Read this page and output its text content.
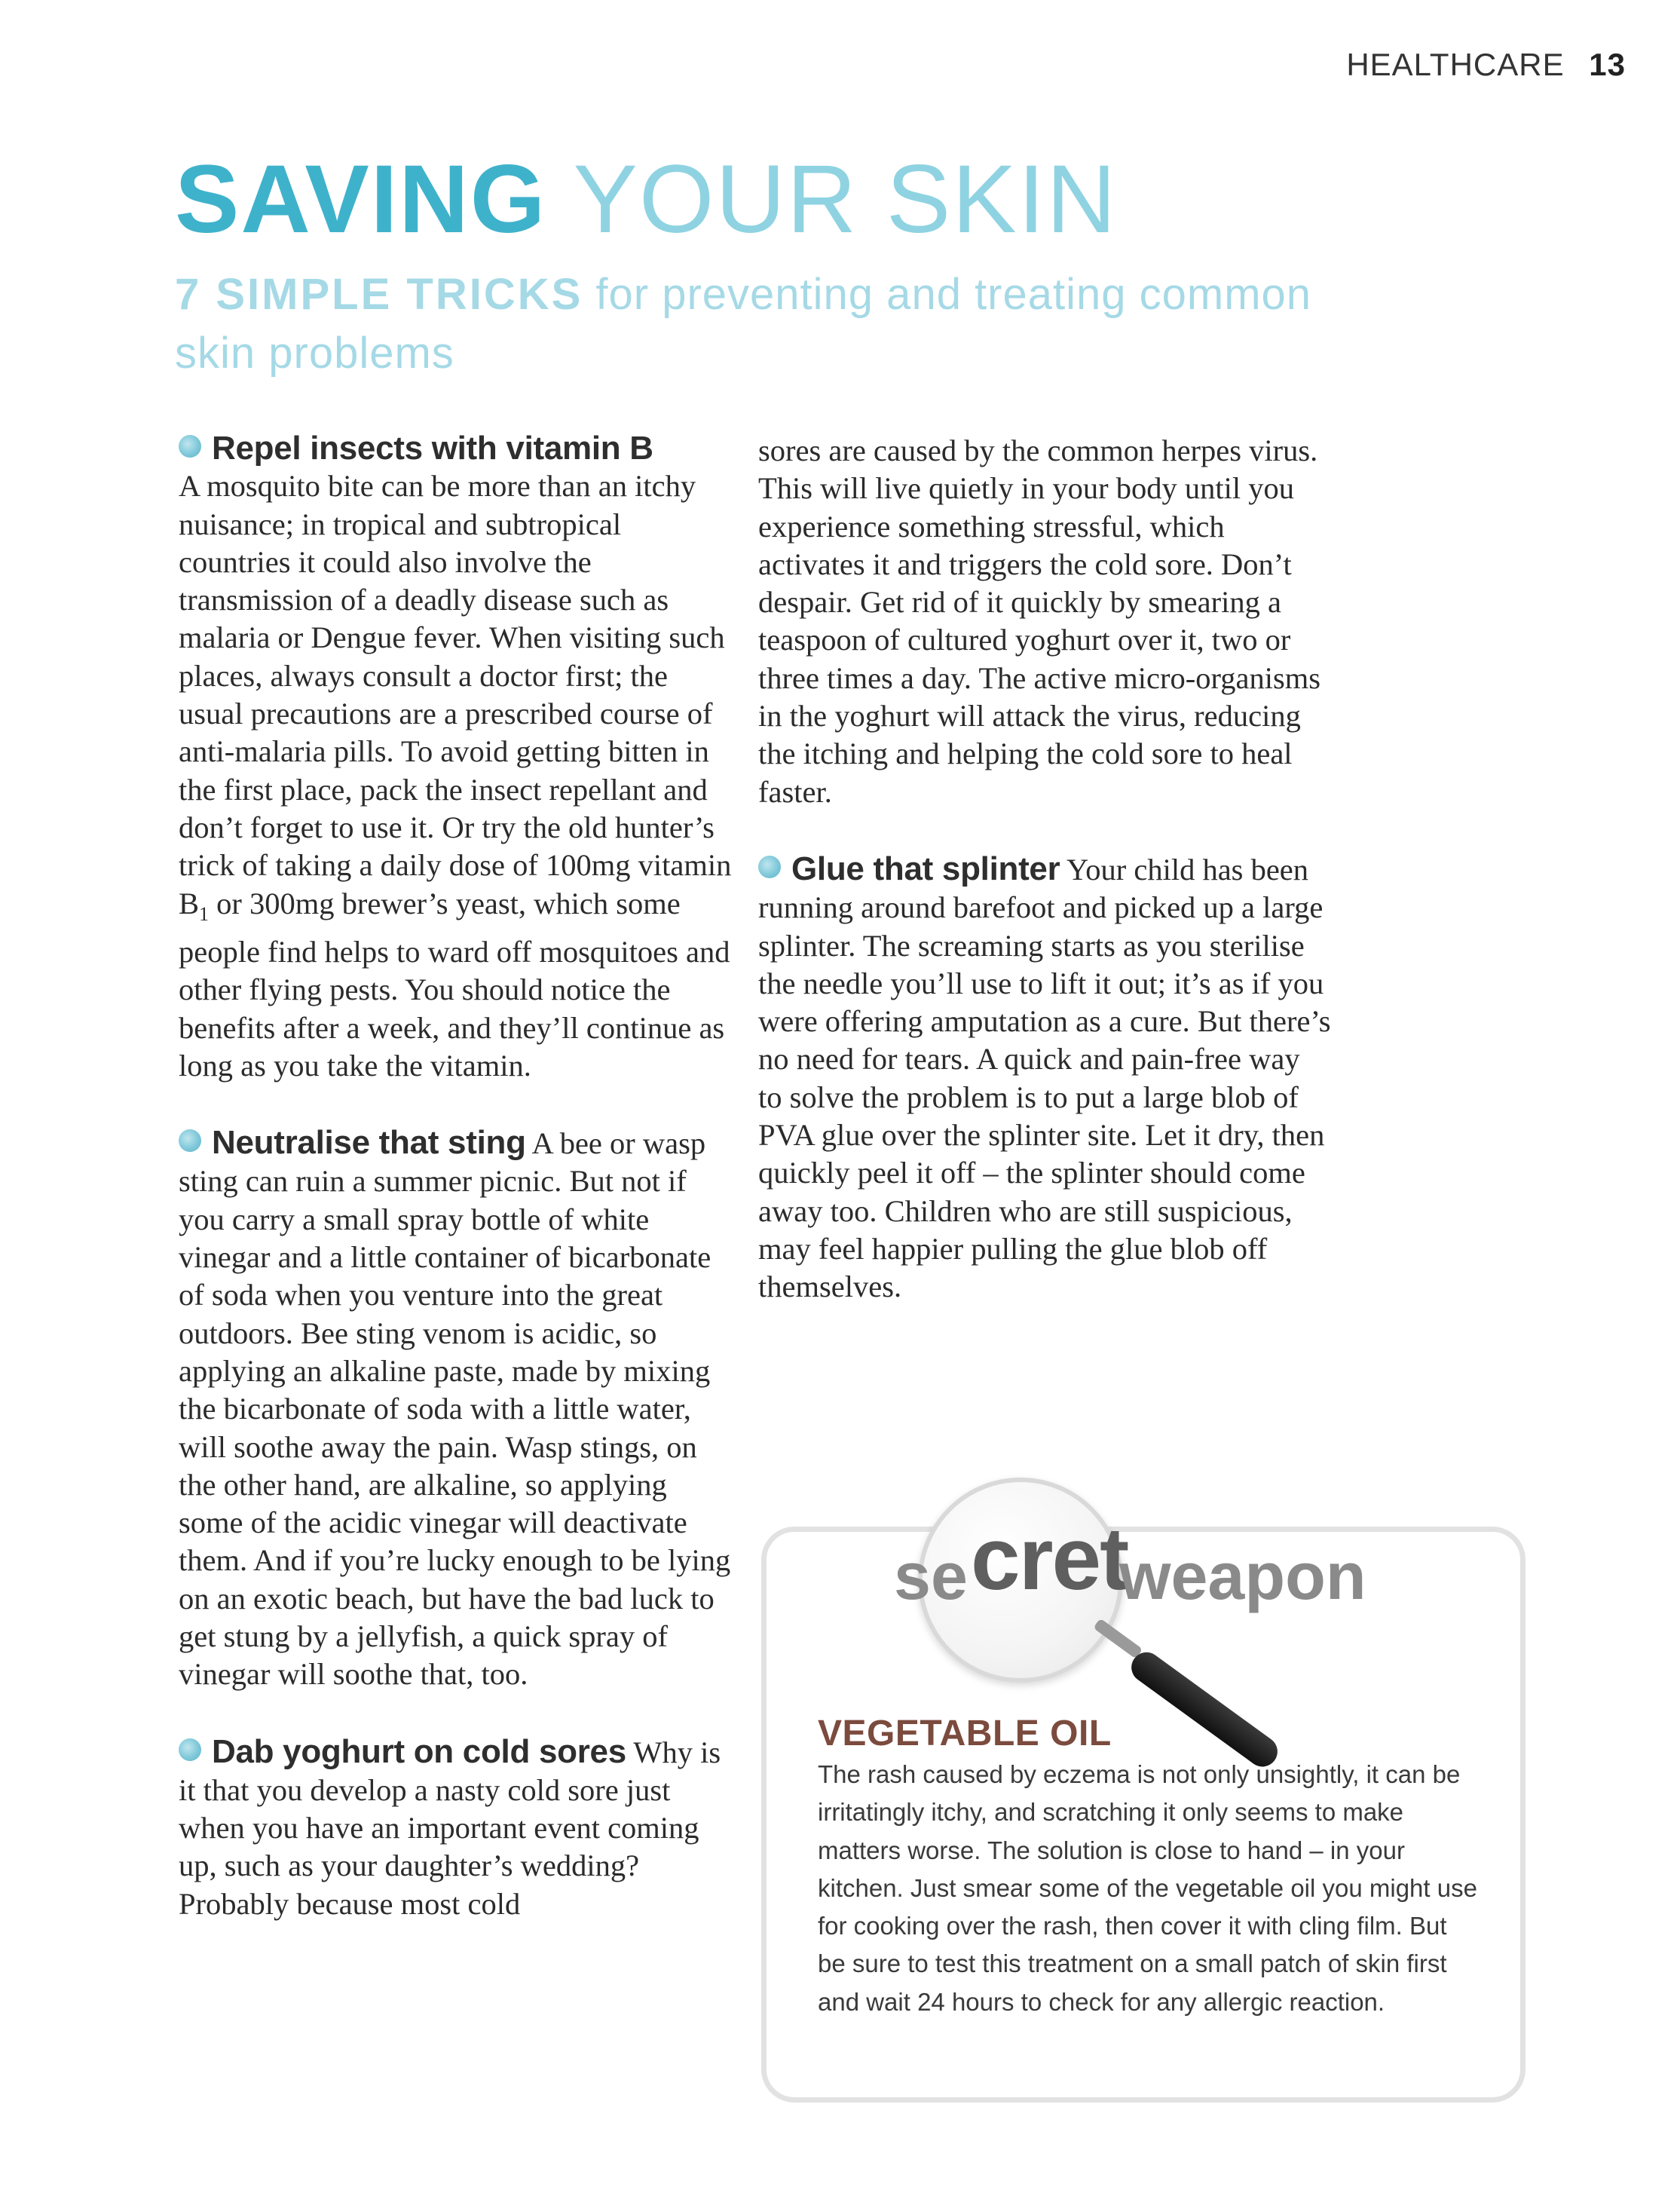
HEALTHCARE 13
SAVING YOUR SKIN
7 SIMPLE TRICKS for preventing and treating common skin problems
Repel insects with vitamin B

A mosquito bite can be more than an itchy nuisance; in tropical and subtropical countries it could also involve the transmission of a deadly disease such as malaria or Dengue fever. When visiting such places, always consult a doctor first; the usual precautions are a prescribed course of anti-malaria pills. To avoid getting bitten in the first place, pack the insect repellant and don’t forget to use it. Or try the old hunter’s trick of taking a daily dose of 100mg vitamin $B_1$ or 300mg brewer’s yeast, which some people find helps to ward off mosquitoes and other flying pests. You should notice the benefits after a week, and they’ll continue as long as you take the vitamin.

Neutralise that sting A bee or wasp sting can ruin a summer picnic. But not if you carry a small spray bottle of white vinegar and a little container of bicarbonate of soda when you venture into the great outdoors. Bee sting venom is acidic, so applying an alkaline paste, made by mixing the bicarbonate of soda with a little water, will soothe away the pain. Wasp stings, on the other hand, are alkaline, so applying some of the acidic vinegar will deactivate them. And if you’re lucky enough to be lying on an exotic beach, but have the bad luck to get stung by a jellyfish, a quick spray of vinegar will soothe that, too.

Dab yoghurt on cold sores Why is it that you develop a nasty cold sore just when you have an important event coming up, such as your daughter’s wedding? Probably because most cold

sores are caused by the common herpes virus. This will live quietly in your body until you experience something stressful, which activates it and triggers the cold sore. Don’t despair. Get rid of it quickly by smearing a teaspoon of cultured yoghurt over it, two or three times a day. The active micro-organisms in the yoghurt will attack the virus, reducing the itching and helping the cold sore to heal faster.

Glue that splinter Your child has been running around barefoot and picked up a large splinter. The screaming starts as you sterilise the needle you’ll use to lift it out; it’s as if you were offering amputation as a cure. But there’s no need for tears. A quick and pain-free way to solve the problem is to put a large blob of PVA glue over the splinter site. Let it dry, then quickly peel it off – the splinter should come away too. Children who are still suspicious, may feel happier pulling the glue blob off themselves.

se cret
weapon
VEGETABLE OIL
The rash caused by eczema is not only unsightly, it can be irritatingly itchy, and scratching it only seems to make matters worse. The solution is close to hand – in your kitchen. Just smear some of the vegetable oil you might use for cooking over the rash, then cover it with cling film. But be sure to test this treatment on a small patch of skin first and wait 24 hours to check for any allergic reaction.
